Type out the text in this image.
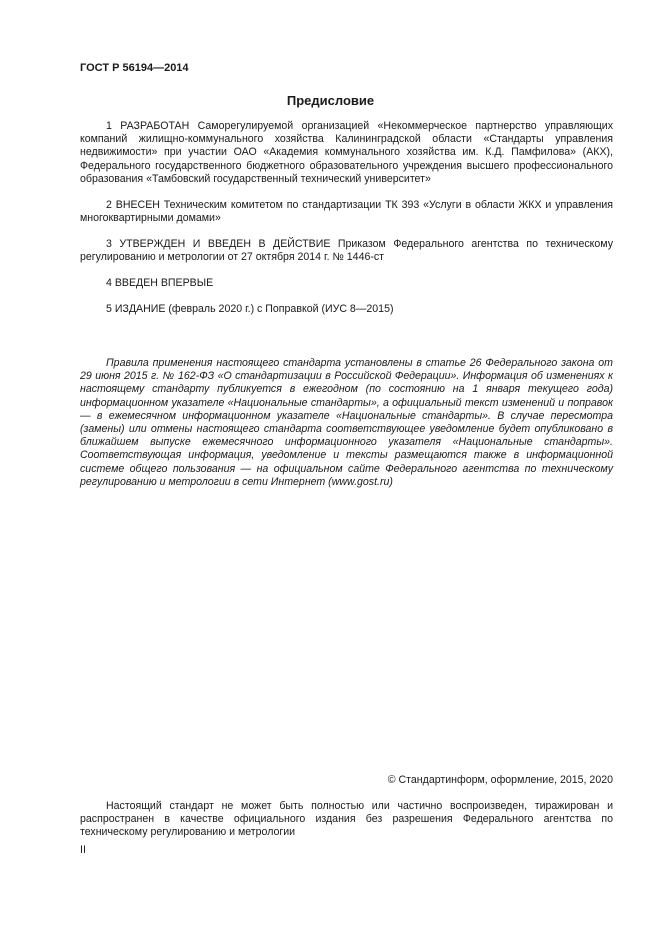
ГОСТ Р 56194—2014
Предисловие

1 РАЗРАБОТАН Саморегулируемой организацией «Некоммерческое партнерство управляющих компаний жилищно-коммунального хозяйства Калининградской области «Стандарты управления недвижимости» при участии ОАО «Академия коммунального хозяйства им. К.Д. Памфилова» (АКХ), Федерального государственного бюджетного образовательного учреждения высшего профессионального образования «Тамбовский государственный технический университет»

2 ВНЕСЕН Техническим комитетом по стандартизации ТК 393 «Услуги в области ЖКХ и управления многоквартирными домами»

3 УТВЕРЖДЕН И ВВЕДЕН В ДЕЙСТВИЕ Приказом Федерального агентства по техническому регулированию и метрологии от 27 октября 2014 г. № 1446-ст

4 ВВЕДЕН ВПЕРВЫЕ

5 ИЗДАНИЕ (февраль 2020 г.) с Поправкой (ИУС 8—2015)

Правила применения настоящего стандарта установлены в статье 26 Федерального закона от 29 июня 2015 г. № 162-ФЗ «О стандартизации в Российской Федерации». Информация об изменениях к настоящему стандарту публикуется в ежегодном (по состоянию на 1 января текущего года) информационном указателе «Национальные стандарты», а официальный текст изменений и поправок — в ежемесячном информационном указателе «Национальные стандарты». В случае пересмотра (замены) или отмены настоящего стандарта соответствующее уведомление будет опубликовано в ближайшем выпуске ежемесячного информационного указателя «Национальные стандарты». Соответствующая информация, уведомление и тексты размещаются также в информационной системе общего пользования — на официальном сайте Федерального агентства по техническому регулированию и метрологии в сети Интернет (www.gost.ru)

© Стандартинформ, оформление, 2015, 2020

Настоящий стандарт не может быть полностью или частично воспроизведен, тиражирован и распространен в качестве официального издания без разрешения Федерального агентства по техническому регулированию и метрологии

II
